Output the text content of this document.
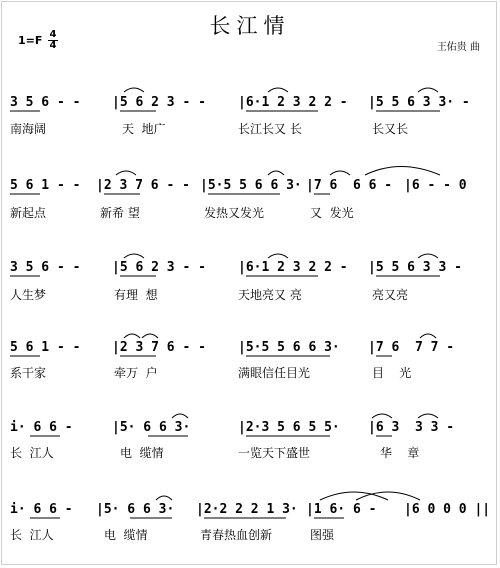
长江情
1=F 4
4	王佑贵 曲
3 5 6 - - |5 6 2 3 - - |6·1 2 3 2 2 - |5 5 6 3 3· -
5 6 1 - - |2 3 7 6 - - |5·5 5 6 6 3· |7 6  6 6 - |6 - - 0
3 5 6 - - |5 6 2 3 - - |6·1 2 3 2 2 - |5 5 6 3 3 -
5 6 1 - - |2 3 7 6 - - |5·5 5 6 6 3· |7 6  7 7 -
i· 6 6 -	|5· 6 6 3·	|2·3 5 6 5 5· |6 3  3 3 -
i· 6 6 - |5· 6 6 3· |2·2 2 2 1 3· |1 6· 6 - |6 0 0 0 ||
南海阔	天  地广	长江长又 长	长又长
新起点	新希 望	发热又发光	又  发光
人生梦	有理  想	天地亮又 亮	亮又亮
系干家	牵万  户	满眼信任目光	目    光
长  江人	电  缆情	一览天下盛世	华    章
长  江人	电  缆情	青春热血创新	图强
